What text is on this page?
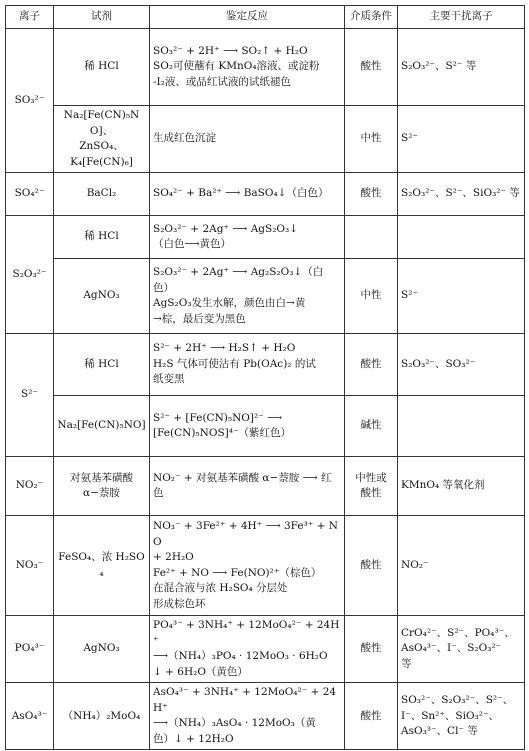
离子	试剂	鉴定反应	介质条件	主要干扰离子
SO₃²⁻	稀 HCl	SO₃²⁻ + 2H⁺ ⟶ SO₂↑ + H₂O
SO₂可使蘸有 KMnO₄溶液、或淀粉
-I₂液、或品红试液的试纸褪色	酸性	S₂O₃²⁻、S²⁻ 等

	Na₂[Fe(CN)₅NO]、
ZnSO₄、
K₄[Fe(CN)₆]	生成红色沉淀	中性	S²⁻
SO₄²⁻	BaCl₂	SO₄²⁻ + Ba²⁺ ⟶ BaSO₄↓（白色）	酸性	S₂O₃²⁻、S²⁻、SiO₃²⁻ 等
S₂O₃²⁻	稀 HCl	S₂O₃²⁻ + 2Ag⁺ ⟶ AgS₂O₃↓
（白色⟶黄色）		

	AgNO₃	S₂O₃²⁻ + 2Ag⁺ ⟶ Ag₂S₂O₃↓（白
色）
AgS₂O₃发生水解，颜色由白→黄
→棕，最后变为黑色	中性	S²⁻
S²⁻	稀 HCl	S²⁻ + 2H⁺ ⟶ H₂S↑ + H₂O
H₂S 气体可使沾有 Pb(OAc)₂ 的试
纸变黑	酸性	S₂O₃²⁻、SO₃²⁻
	Na₂[Fe(CN)₅NO]	S²⁻ + [Fe(CN)₅NO]²⁻ ⟶
[Fe(CN)₅NOS]⁴⁻（紫红色）	碱性	
NO₂⁻	对氨基苯磺酸
α−萘胺	NO₂⁻ + 对氨基苯磺酸 α−萘胺 ⟶ 红色	中性或
酸性	KMnO₄ 等氧化剂
NO₃⁻	FeSO₄、浓 H₂SO₄	NO₃⁻ + 3Fe²⁺ + 4H⁺ ⟶ 3Fe³⁺ + NO
+ 2H₂O
Fe²⁺ + NO ⟶ Fe(NO)²⁺（棕色）
在混合液与浓 H₂SO₄ 分层处
形成棕色环	酸性	NO₂⁻
PO₄³⁻	AgNO₃	PO₄³⁻ + 3NH₄⁺ + 12MoO₄²⁻ + 24H⁺
⟶（NH₄）₃PO₄ · 12MoO₃ · 6H₂O
↓ + 6H₂O（黄色）	酸性	CrO₄²⁻、S²⁻、PO₄³⁻、
AsO₄³⁻、I⁻、S₂O₃²⁻
等

AsO₄³⁻	（NH₄）₂MoO₄	AsO₄³⁻ + 3NH₄⁺ + 12MoO₄²⁻ + 24H⁺
⟶（NH₄）₃AsO₄ · 12MoO₃（黄
色）↓ + 12H₂O	酸性	SO₃²⁻、S₂O₃²⁻、S²⁻、
I⁻、Sn²⁺、SiO₃²⁻、
AsO₃³⁻、Cl⁻ 等
